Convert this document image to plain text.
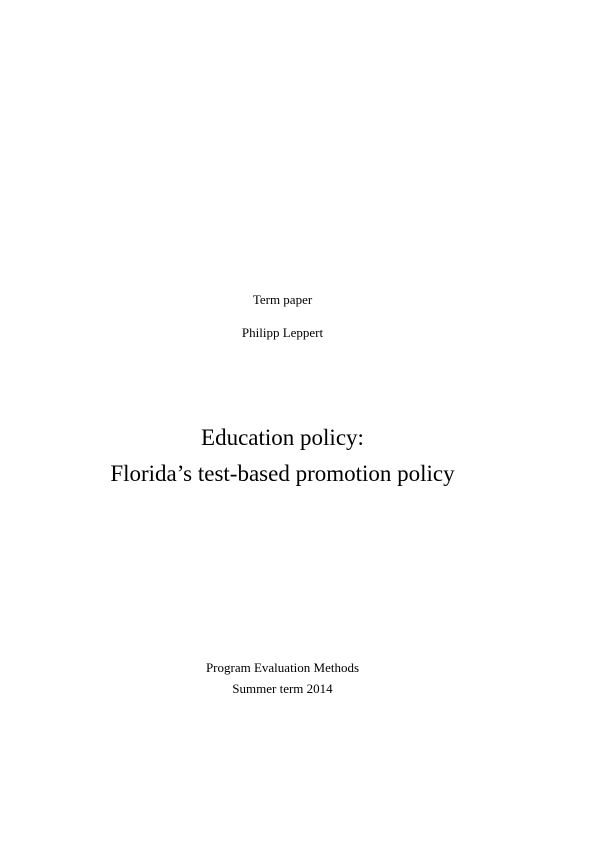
Term paper
Philipp Leppert
Education policy:
Florida’s test-based promotion policy
Program Evaluation Methods
Summer term 2014
